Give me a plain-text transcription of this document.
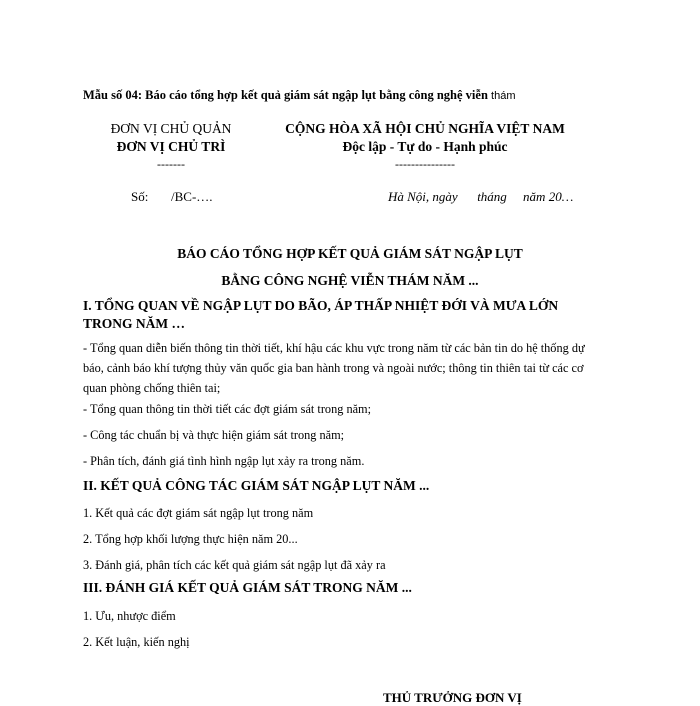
Mẫu số 04: Báo cáo tổng hợp kết quả giám sát ngập lụt bằng công nghệ viễn thám
ĐƠN VỊ CHỦ QUẢN
ĐƠN VỊ CHỦ TRÌ
-------
CỘNG HÒA XÃ HỘI CHỦ NGHĨA VIỆT NAM
Độc lập - Tự do - Hạnh phúc
---------------
Số: /BC-….	Hà Nội, ngày      tháng     năm 20…
BÁO CÁO TỔNG HỢP KẾT QUẢ GIÁM SÁT NGẬP LỤT
BẰNG CÔNG NGHỆ VIỄN THÁM NĂM ...
I. TỔNG QUAN VỀ NGẬP LỤT DO BÃO, ÁP THẤP NHIỆT ĐỚI VÀ MƯA LỚN
TRONG NĂM …
- Tổng quan diễn biến thông tin thời tiết, khí hậu các khu vực trong năm từ các bản tin do hệ thống dự báo, cảnh báo khí tượng thủy văn quốc gia ban hành trong và ngoài nước; thông tin thiên tai từ các cơ quan phòng chống thiên tai;
- Tổng quan thông tin thời tiết các đợt giám sát trong năm;
- Công tác chuẩn bị và thực hiện giám sát trong năm;
- Phân tích, đánh giá tình hình ngập lụt xảy ra trong năm.
II. KẾT QUẢ CÔNG TÁC GIÁM SÁT NGẬP LỤT NĂM ...
1. Kết quả các đợt giám sát ngập lụt trong năm
2. Tổng hợp khối lượng thực hiện năm 20...
3. Đánh giá, phân tích các kết quả giám sát ngập lụt đã xảy ra
III. ĐÁNH GIÁ KẾT QUẢ GIÁM SÁT TRONG NĂM ...
1. Ưu, nhược điểm
2. Kết luận, kiến nghị
THỦ TRƯỞNG ĐƠN VỊ
